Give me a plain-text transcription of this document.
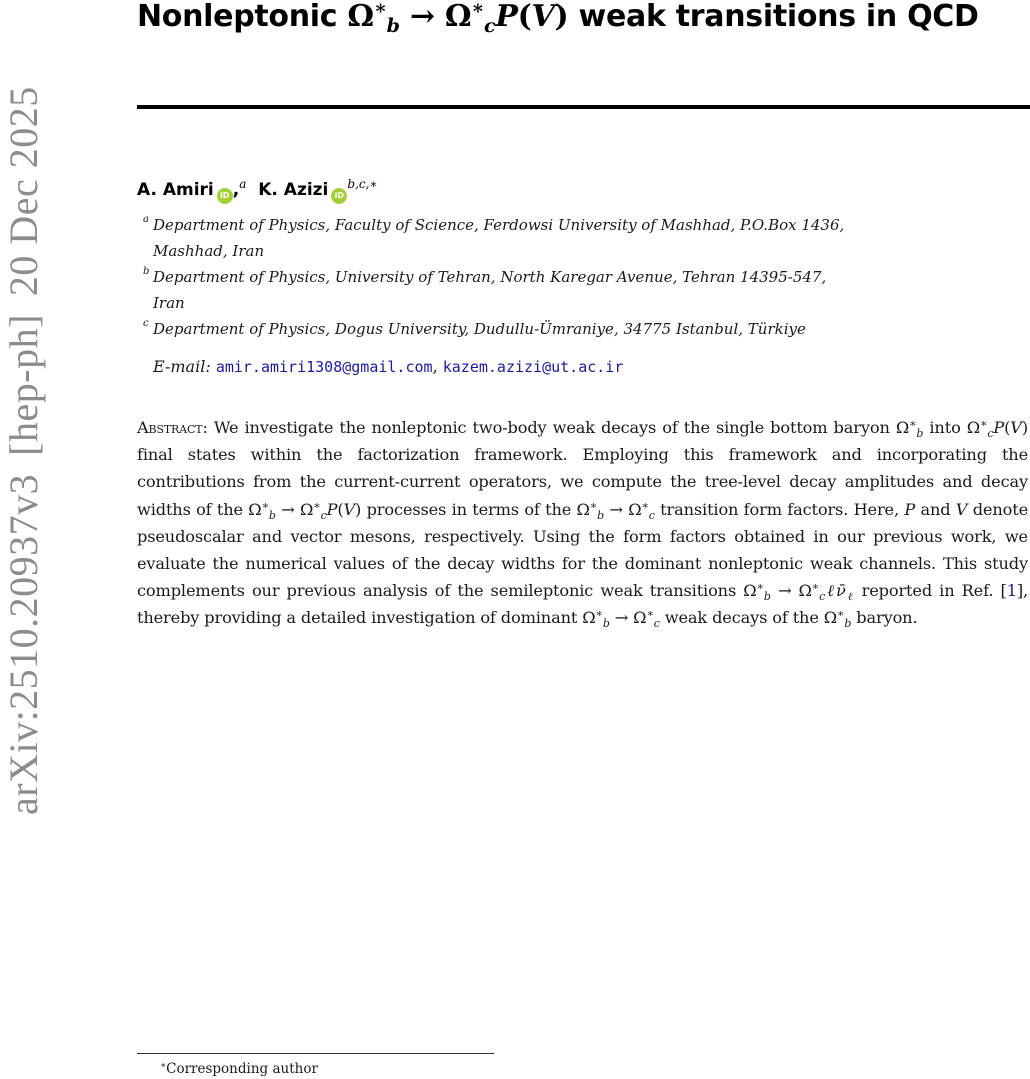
arXiv:2510.20937v3[hep-ph]20 Dec 2025
Nonleptonic $\Omega^∗_b \to \Omega^∗_cP(V)$ weak transitions in QCD
A. Amiri iD ,$^a$ K. Azizi $iD^{b,c,∗}$
a Department of Physics, Faculty of Science, Ferdowsi University of Mashhad, P.O.Box 1436,
Mashhad, Iran
b Department of Physics, University of Tehran, North Karegar Avenue, Tehran 14395-547,
Iran
c Department of Physics, Dogus University, Dudullu-Ümraniye, 34775 Istanbul, Türkiye
E-mail: amir.amiri1308@gmail.com, kazem.azizi@ut.ac.ir
Abstract: We investigate the nonleptonic two-body weak decays of the single bottom baryon $\Omega^∗_b$ into $\Omega^∗_cP(V)$ final states within the factorization framework. Employing this framework and incorporating the contributions from the current-current operators, we compute the tree-level decay amplitudes and decay widths of the $\Omega^∗_b \to \Omega^∗_cP(V)$ processes in terms of the $\Omega^∗_b \to \Omega^∗_c$ transition form factors. Here, P and V denote pseudoscalar and vector mesons, respectively. Using the form factors obtained in our previous work, we evaluate the numerical values of the decay widths for the dominant nonleptonic weak channels. This study complements our previous analysis of the semileptonic weak transitions $\Omega^∗_b$ → $\Omega^∗_c\ell\nū_\ell$ reported in Ref. [1], thereby providing a detailed investigation of dominant $\Omega^∗_b \to \Omega^∗_c$ weak decays of the $\Omega^∗_b$ baryon.
∗Corresponding author
